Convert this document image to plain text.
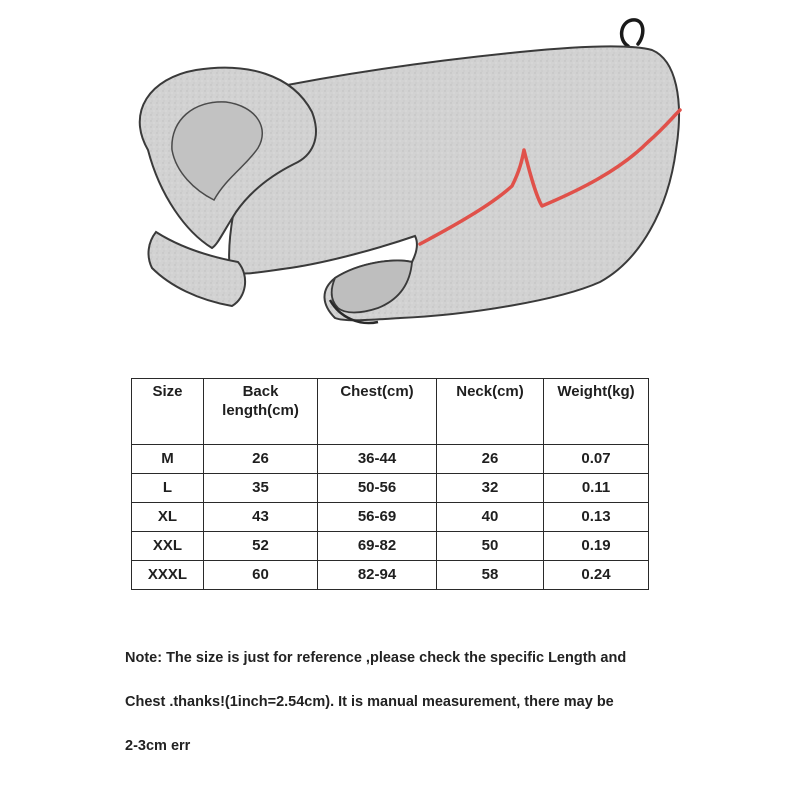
Size	Back length(cm)	Chest(cm)	Neck(cm)	Weight(kg)
M	26	36-44	26	0.07
L	35	50-56	32	0.11
XL	43	56-69	40	0.13
XXL	52	69-82	50	0.19
XXXL	60	82-94	58	0.24

Note: The size is just for reference ,please check the specific Length and

Chest .thanks!(1inch=2.54cm). It is manual measurement, there may be

2-3cm err
